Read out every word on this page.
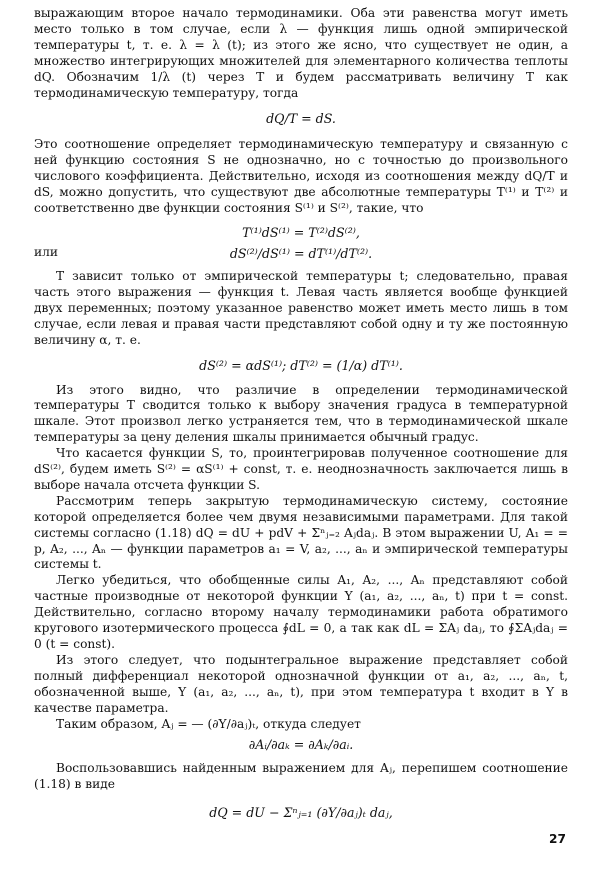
выражающим второе начало термодинамики. Оба эти равенства могут иметь место только в том случае, если λ — функция лишь одной эмпирической температуры t, т. е. λ = λ (t); из этого же ясно, что существует не один, а множество интегрирующих множителей для элементарного количества теплоты dQ. Обозначим 1/λ (t) через T и будем рассматривать величину T как термодинамическую температуру, тогда

dQ/T = dS.

Это соотношение определяет термодинамическую температуру и связанную с ней функцию состояния S не однозначно, но с точностью до произвольного числового коэффициента. Действительно, исходя из соотношения между dQ/T и dS, можно допустить, что существуют две абсолютные температуры T⁽¹⁾ и T⁽²⁾ и соответственно две функции состояния S⁽¹⁾ и S⁽²⁾, такие, что

T⁽¹⁾dS⁽¹⁾ = T⁽²⁾dS⁽²⁾,

или	dS⁽²⁾/dS⁽¹⁾ = dT⁽¹⁾/dT⁽²⁾.

T зависит только от эмпирической температуры t; следовательно, правая часть этого выражения — функция t. Левая часть является вообще функцией двух переменных; поэтому указанное равенство может иметь место лишь в том случае, если левая и правая части представляют собой одну и ту же постоянную величину α, т. е.

dS⁽²⁾ = αdS⁽¹⁾; dT⁽²⁾ = (1/α) dT⁽¹⁾.

Из этого видно, что различие в определении термодинамической температуры T сводится только к выбору значения градуса в температурной шкале. Этот произвол легко устраняется тем, что в термодинамической шкале температуры за цену деления шкалы принимается обычный градус.

Что касается функции S, то, проинтегрировав полученное соотношение для dS⁽²⁾, будем иметь S⁽²⁾ = αS⁽¹⁾ + const, т. е. неоднозначность заключается лишь в выборе начала отсчета функции S.

Рассмотрим теперь закрытую термодинамическую систему, состояние которой определяется более чем двумя независимыми параметрами. Для такой системы согласно (1.18) dQ = dU + pdV + Σⁿⱼ₌₂ Aⱼdaⱼ. В этом выражении U, A₁ = = p, A₂, ..., Aₙ — функции параметров a₁ = V, a₂, ..., aₙ и эмпирической температуры системы t.

Легко убедиться, что обобщенные силы A₁, A₂, ..., Aₙ представляют собой частные производные от некоторой функции Y (a₁, a₂, ..., aₙ, t) при t = const. Действительно, согласно второму началу термодинамики работа обратимого кругового изотермического процесса ∮dL = 0, а так как dL = ΣAⱼ daⱼ, то ∮ΣAⱼdaⱼ = 0 (t = const).

Из этого следует, что подынтегральное выражение представляет собой полный дифференциал некоторой однозначной функции от a₁, a₂, ..., aₙ, t, обозначенной выше, Y (a₁, a₂, ..., aₙ, t), при этом температура t входит в Y в качестве параметра.

Таким образом, Aⱼ = — (∂Y/∂aⱼ)ₜ, откуда следует

∂Aᵢ/∂aₖ = ∂Aₖ/∂aᵢ.

Воспользовавшись найденным выражением для Aⱼ, перепишем соотношение (1.18) в виде

dQ = dU − Σⁿⱼ₌₁ (∂Y/∂aⱼ)ₜ daⱼ,

27
